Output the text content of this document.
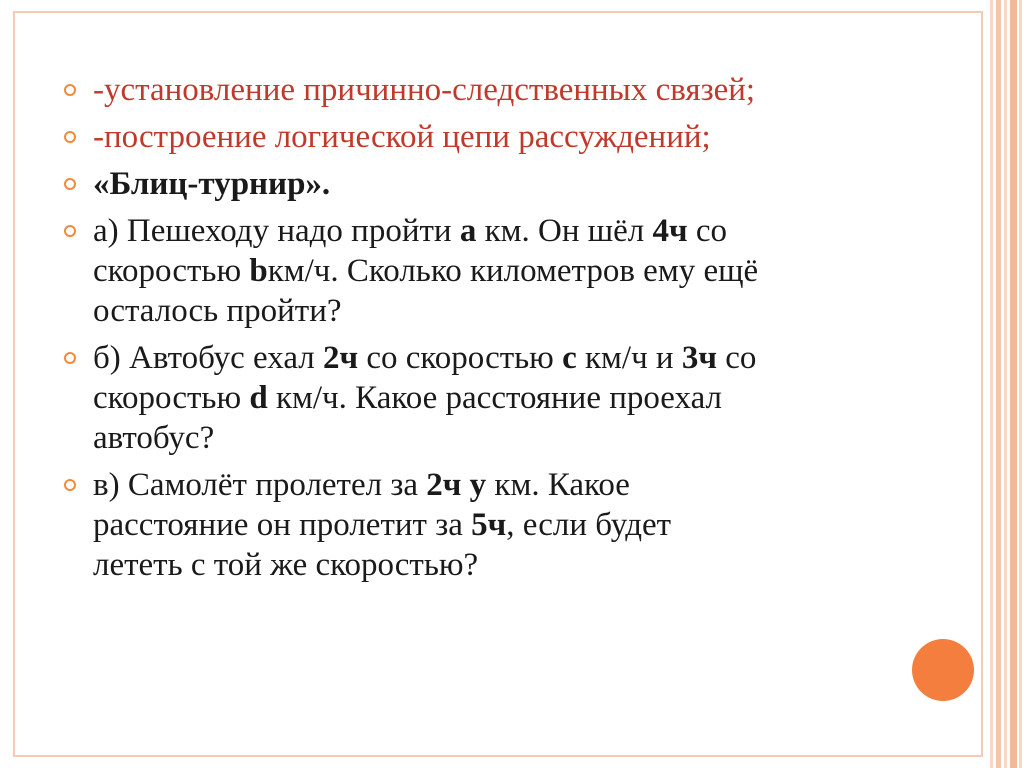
-установление причинно-следственных связей;
-построение логической цепи рассуждений;
«Блиц-турнир».
а) Пешеходу надо пройти а км. Он шёл 4ч со
скоростью bкм/ч. Сколько километров ему ещё
осталось пройти?
б) Автобус ехал 2ч со скоростью с км/ч и 3ч со
скоростью d км/ч. Какое расстояние проехал
автобус?
в) Самолёт пролетел за 2ч у км. Какое
расстояние он пролетит за 5ч, если будет
лететь с той же скоростью?
